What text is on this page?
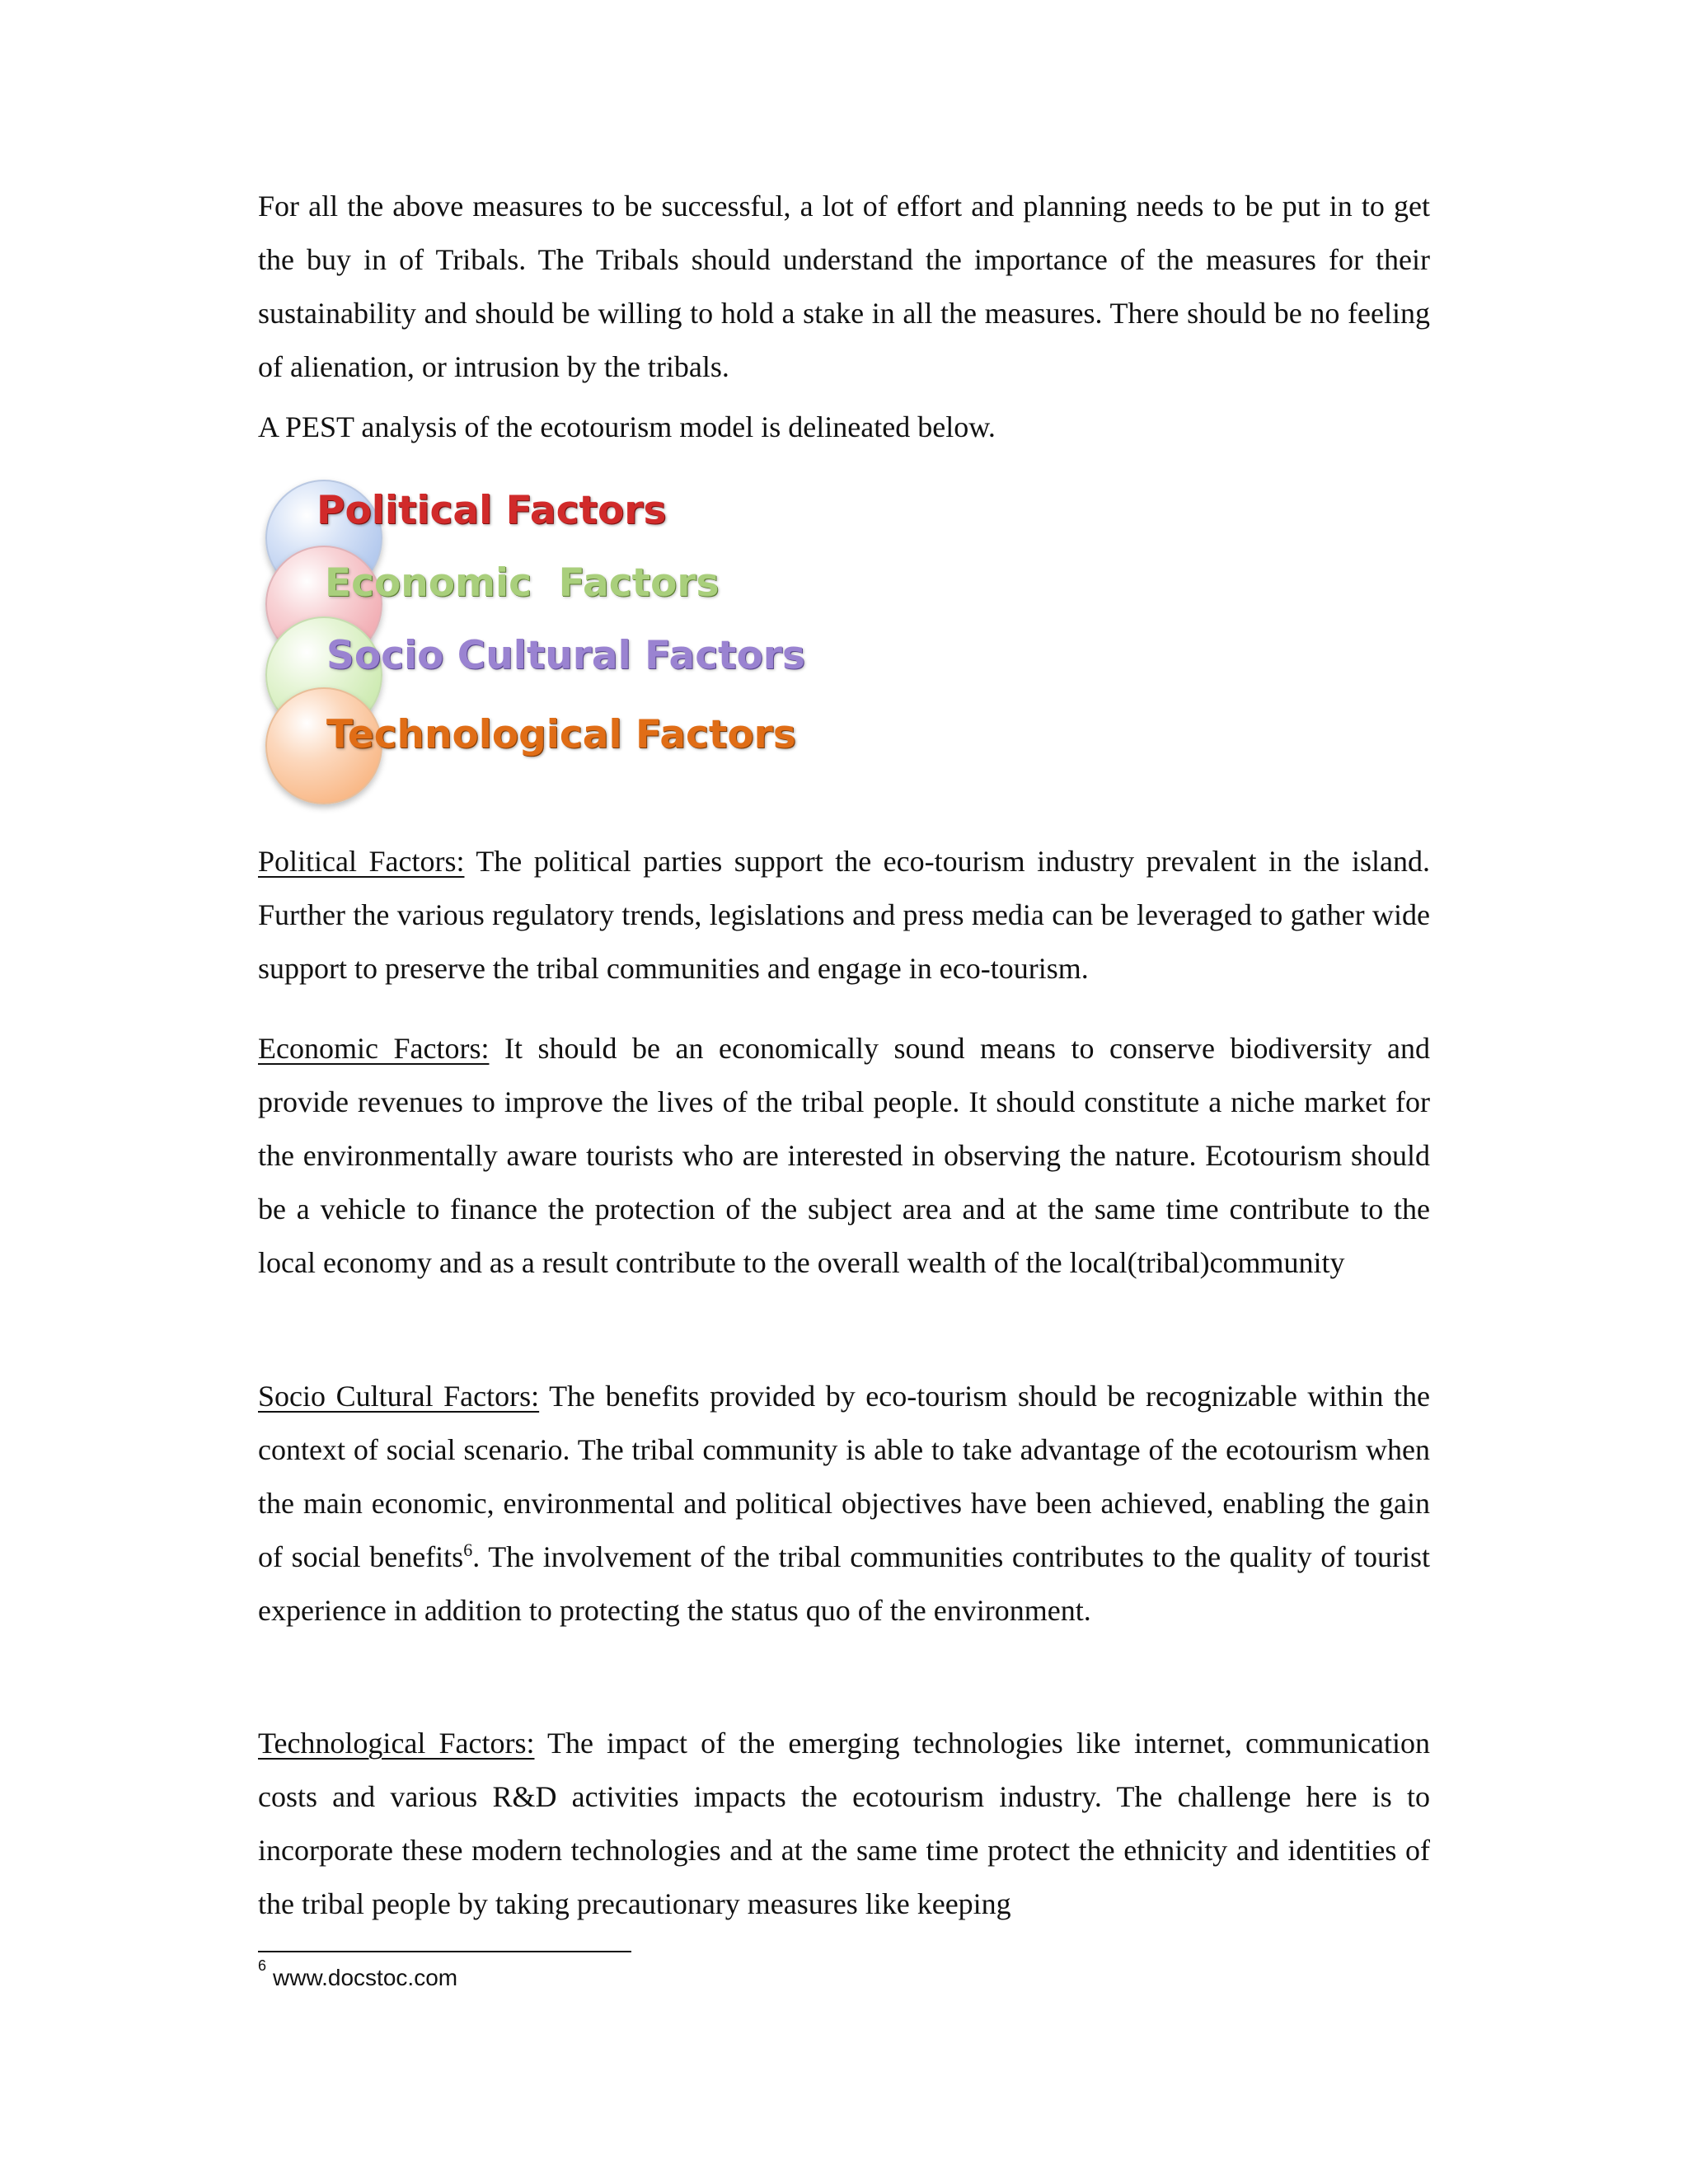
For all the above measures to be successful, a lot of effort and planning needs to be put in to get the buy in of Tribals. The Tribals should understand the importance of the measures for their sustainability and should be willing to hold a stake in all the measures. There should be no feeling of alienation, or intrusion by the tribals.

A PEST analysis of the ecotourism model is delineated below.

Political Factors
Economic  Factors
Socio Cultural Factors
Technological Factors

Political Factors: The political parties support the eco-tourism industry prevalent in the island. Further the various regulatory trends, legislations and press media can be leveraged to gather wide support to preserve the tribal communities and engage in eco-tourism.

Economic Factors: It should be an economically sound means to conserve biodiversity and provide revenues to improve the lives of the tribal people. It should constitute a niche market for the environmentally aware tourists who are interested in observing the nature. Ecotourism should be a vehicle to finance the protection of the subject area and at the same time contribute to the local economy and as a result contribute to the overall wealth of the local(tribal)community

Socio Cultural Factors: The benefits provided by eco-tourism should be recognizable within the context of social scenario. The tribal community is able to take advantage of the ecotourism when the main economic, environmental and political objectives have been achieved, enabling the gain of social benefits$^6$. The involvement of the tribal communities contributes to the quality of tourist experience in addition to protecting the status quo of the environment.

Technological Factors: The impact of the emerging technologies like internet, communication costs and various R&D activities impacts the ecotourism industry. The challenge here is to incorporate these modern technologies and at the same time protect the ethnicity and identities of the tribal people by taking precautionary measures like keeping

$^6$ www.docstoc.com
